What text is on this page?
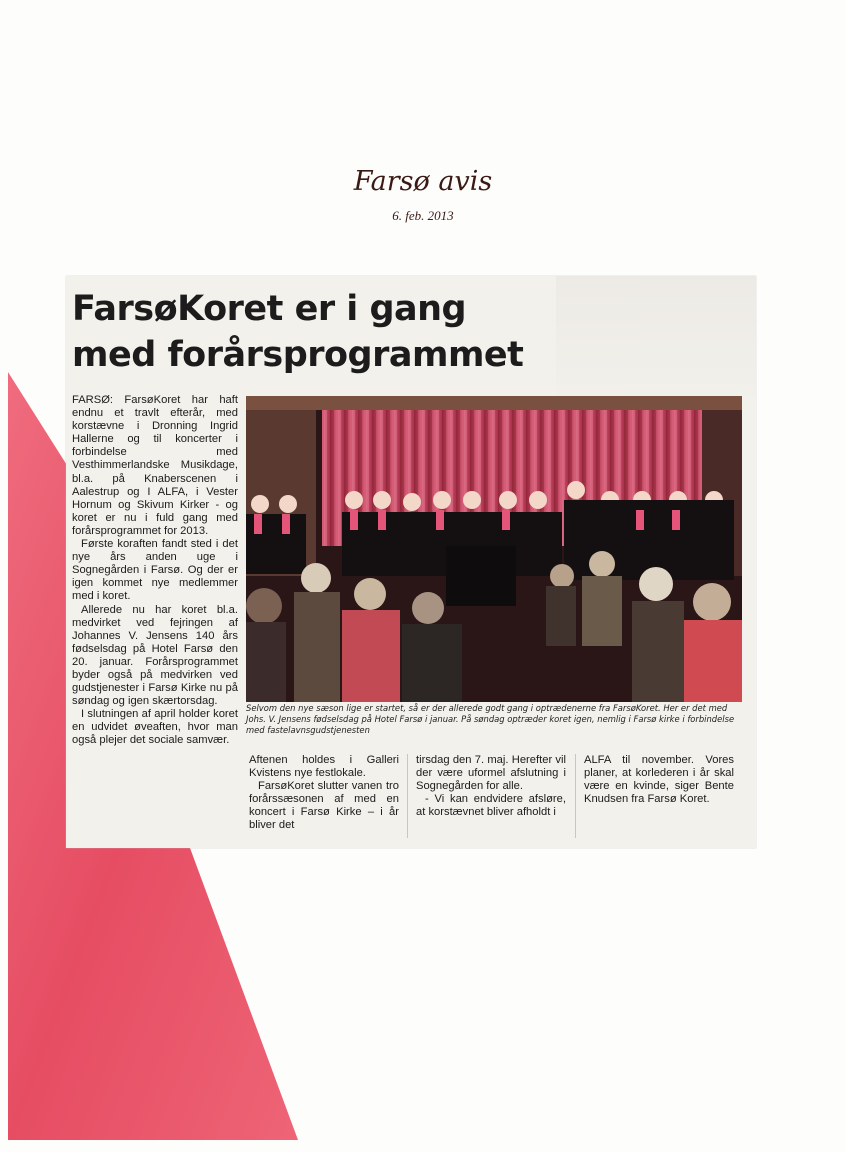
Farsø avis
6. feb. 2013
FarsøKoret er i gang
med forårsprogrammet

FARSØ: FarsøKoret har haft endnu et travlt efterår, med korstævne i Dronning Ingrid Hallerne og til koncerter i forbindelse med Vesthimmerlandske Musikdage, bl.a. på Knaberscenen i Aalestrup og I ALFA, i Vester Hornum og Skivum Kirker - og koret er nu i fuld gang med forårsprogrammet for 2013.

Første koraften fandt sted i det nye års anden uge i Sognegården i Farsø. Og der er igen kommet nye medlemmer med i koret.

Allerede nu har koret bl.a. medvirket ved fejringen af Johannes V. Jensens 140 års fødselsdag på Hotel Farsø den 20. januar. Forårsprogrammet byder også på medvirken ved gudstjenester i Farsø Kirke nu på søndag og igen skærtorsdag.

I slutningen af april holder koret en udvidet øveaften, hvor man også plejer det sociale samvær.

Selvom den nye sæson lige er startet, så er der allerede godt gang i optrædenerne fra FarsøKoret. Her er det med Johs. V. Jensens fødselsdag på Hotel Farsø i januar. På søndag optræder koret igen, nemlig i Farsø kirke i forbindelse med fastelavnsgudstjenesten	⠀

Aftenen holdes i Galleri Kvistens nye festlokale.

FarsøKoret slutter vanen tro forårssæsonen af med en koncert i Farsø Kirke – i år bliver det

tirsdag den 7. maj. Herefter vil der være uformel afslutning i Sognegården for alle.

- Vi kan endvidere afsløre, at korstævnet bliver afholdt i

ALFA til november. Vores planer, at korlederen i år skal være en kvinde, siger Bente Knudsen fra Farsø Koret.
